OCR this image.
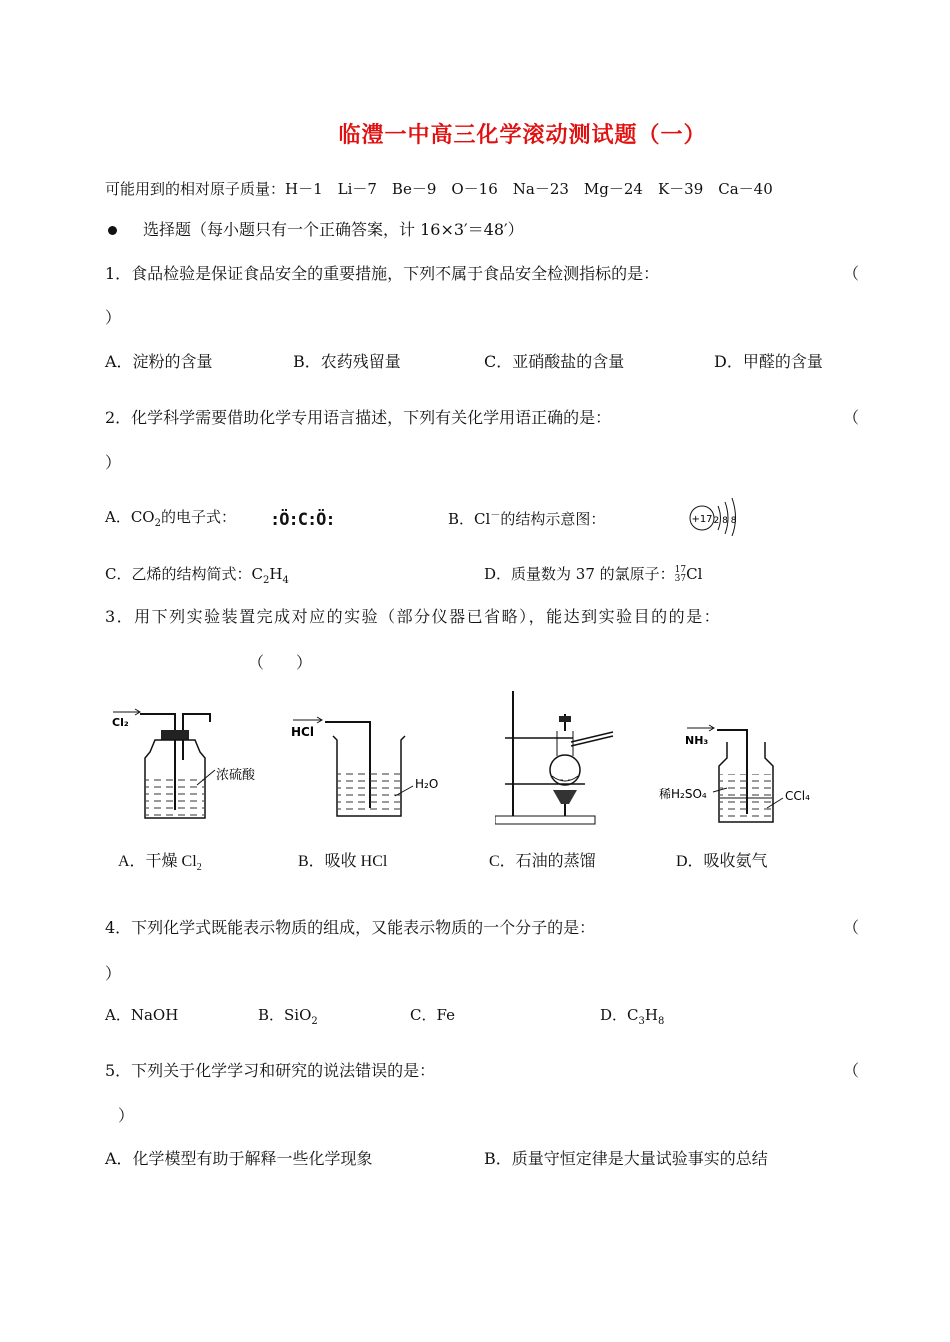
临澧一中高三化学滚动测试题（一）
可能用到的相对原子质量：H－1　Li－7　Be－9　O－16　Na－23　Mg－24　K－39　Ca－40
选择题（每小题只有一个正确答案，计 16×3′＝48′）
1．食品检验是保证食品安全的重要措施，下列不属于食品安全检测指标的是：	（
）
A．淀粉的含量	B．农药残留量	C．亚硝酸盐的含量	D．甲醛的含量
2．化学科学需要借助化学专用语言描述，下列有关化学用语正确的是：	（
）
A．$CO_2$的电子式： :Ö:C:Ö:	B．Cl－的结构示意图：	+17 2 8 8
C．乙烯的结构简式：$C_2H_4$	D．质量数为 37 的氯原子： 17
37 Cl
3．用下列实验装置完成对应的实验（部分仪器已省略），能达到实验目的的是：
（　　）
Cl₂
浓硫酸
HCl
H₂O
NH₃
稀H₂SO₄	CCl₄
A．干燥 $Cl_2$	B．吸收 HCl	C．石油的蒸馏	D．吸收氨气
4．下列化学式既能表示物质的组成，又能表示物质的一个分子的是：	（
）
A．NaOH	B．SiO$_2$	C．Fe	D．$C_3H_8$
5．下列关于化学学习和研究的说法错误的是：	（
）
A．化学模型有助于解释一些化学现象	B．质量守恒定律是大量试验事实的总结
